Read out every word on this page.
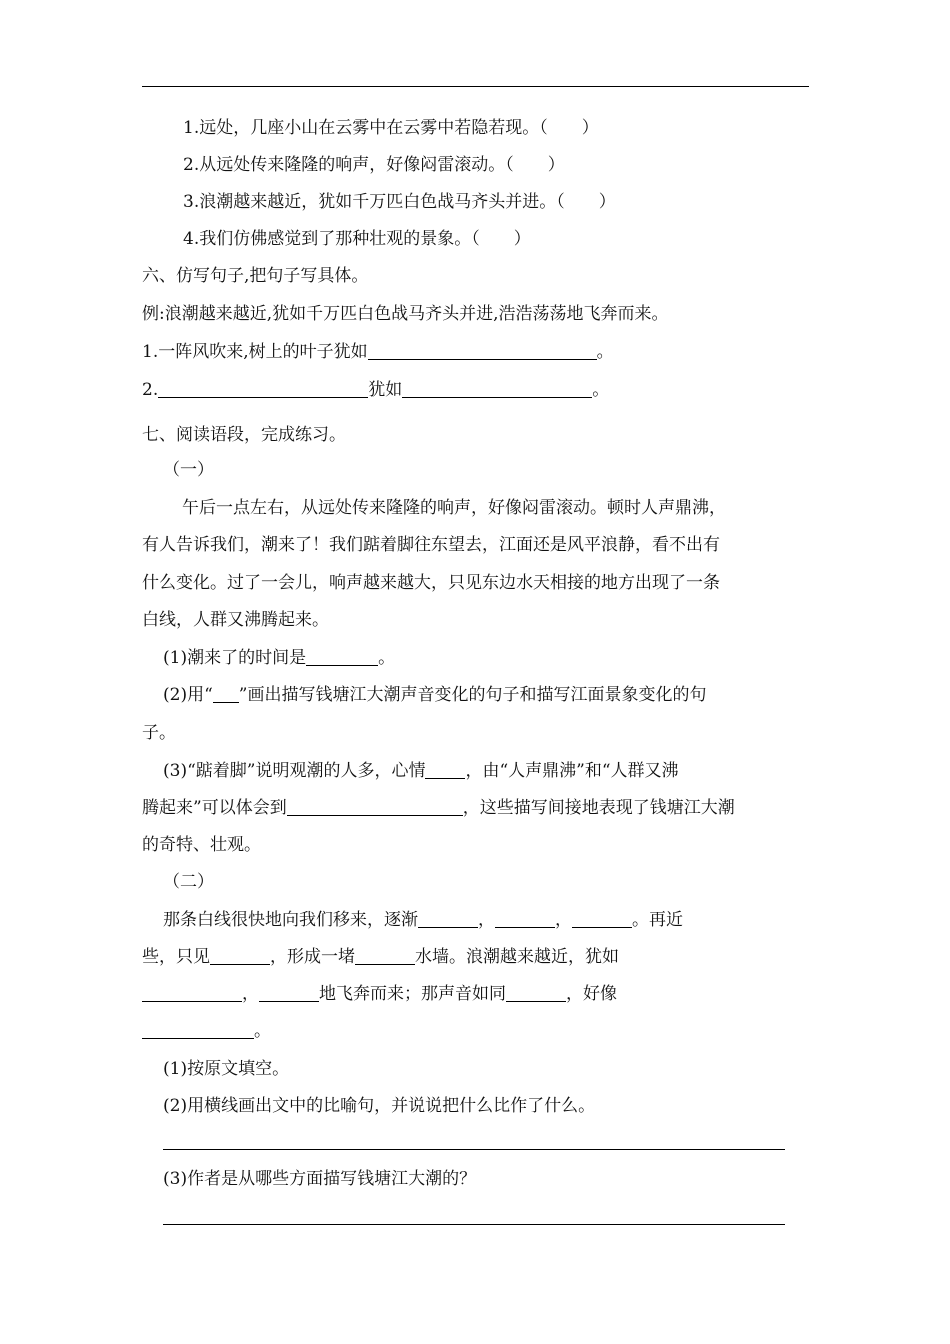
1.远处，几座小山在云雾中在云雾中若隐若现。（　　）
2.从远处传来隆隆的响声，好像闷雷滚动。（　　）
3.浪潮越来越近，犹如千万匹白色战马齐头并进。（　　）
4.我们仿佛感觉到了那种壮观的景象。（　　）
六、仿写句子,把句子写具体。
例:浪潮越来越近,犹如千万匹白色战马齐头并进,浩浩荡荡地飞奔而来。
1.一阵风吹来,树上的叶子犹如	。
2.	犹如	。
七、阅读语段，完成练习。
（一）
午后一点左右，从远处传来隆隆的响声，好像闷雷滚动。顿时人声鼎沸，
有人告诉我们，潮来了！我们踮着脚往东望去，江面还是风平浪静，看不出有
什么变化。过了一会儿，响声越来越大，只见东边水天相接的地方出现了一条
白线，人群又沸腾起来。
(1)潮来了的时间是	。
(2)用“ ”画出描写钱塘江大潮声音变化的句子和描写江面景象变化的句
子。
(3)“踮着脚”说明观潮的人多，心情 ，由“人声鼎沸”和“人群又沸
腾起来”可以体会到	，这些描写间接地表现了钱塘江大潮
的奇特、壮观。
（二）
那条白线很快地向我们移来，逐渐	，	，	。再近
些，只见	，形成一堵	水墙。浪潮越来越近，犹如
，	地飞奔而来；那声音如同	，好像
。
(1)按原文填空。
(2)用横线画出文中的比喻句，并说说把什么比作了什么。
(3)作者是从哪些方面描写钱塘江大潮的？
